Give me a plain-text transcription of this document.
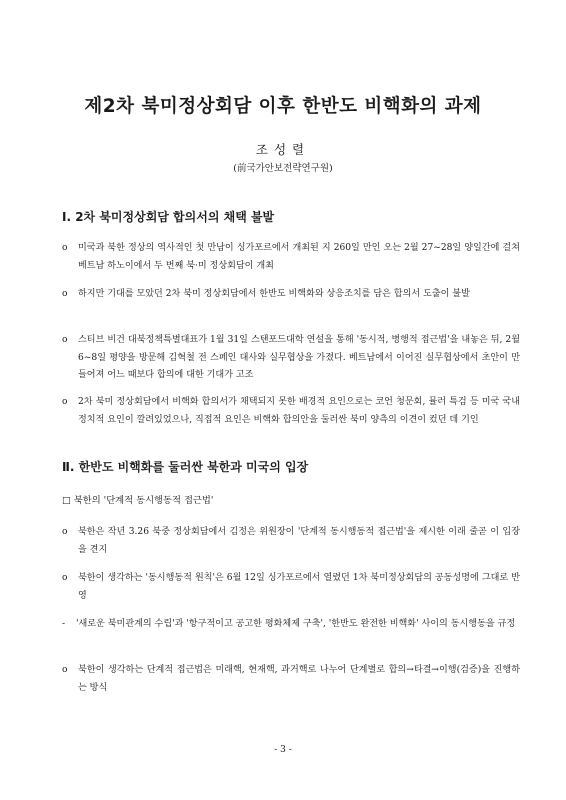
제2차 북미정상회담 이후 한반도 비핵화의 과제
조성렬
(前국가안보전략연구원)
Ⅰ. 2차 북미정상회담 합의서의 채택 불발
o	미국과 북한 정상의 역사적인 첫 만남이 싱가포르에서 개최된 지 260일 만인 오는 2월 27~28일 양일간에 걸쳐 베트남 하노이에서 두 번째 북·미 정상회담이 개최
o	하지만 기대를 모았던 2차 북미 정상회담에서 한반도 비핵화와 상응조치를 담은 합의서 도출이 불발
o	스티브 비건 대북정책특별대표가 1월 31일 스탠포드대학 연설을 통해 '동시적, 병행적 접근법'을 내놓은 뒤, 2월 6~8일 평양을 방문해 김혁철 전 스페인 대사와 실무협상을 가졌다. 베트남에서 이어진 실무협상에서 초안이 만들어져 어느 때보다 합의에 대한 기대가 고조
o	2차 북미 정상회담에서 비핵화 합의서가 채택되지 못한 배경적 요인으로는 코언 청문회, 뮬러 특검 등 미국 국내정치적 요인이 깔려있었으나, 직접적 요인은 비핵화 합의안을 둘러싼 북미 양측의 이견이 컸던 데 기인
Ⅱ. 한반도 비핵화를 둘러싼 북한과 미국의 입장
□ 북한의 '단계적 동시행동적 접근법'
o	북한은 작년 3.26 북중 정상회담에서 김정은 위원장이 '단계적 동시행동적 접근법'을 제시한 이래 줄곧 이 입장을 견지
o	북한이 생각하는 '동시행동적 원칙'은 6월 12일 싱가포르에서 열렸던 1차 북미정상회담의 공동성명에 그대로 반영
-	'새로운 북미관계의 수립'과 '항구적이고 공고한 평화체제 구축', '한반도 완전한 비핵화' 사이의 동시행동을 규정
o	북한이 생각하는 단계적 접근법은 미래핵, 현재핵, 과거핵로 나누어 단계별로 합의→타결→이행(검증)을 진행하는 방식
- 3 -
